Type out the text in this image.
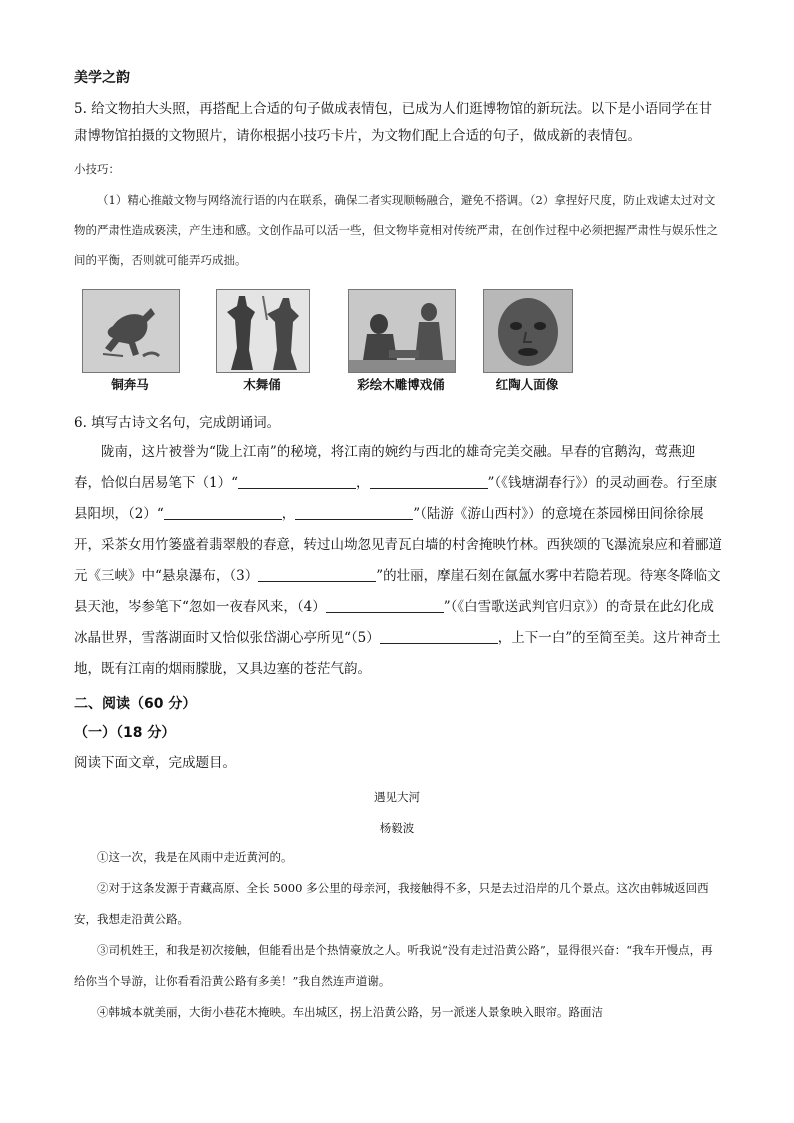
美学之韵

5. 给文物拍大头照，再搭配上合适的句子做成表情包，已成为人们逛博物馆的新玩法。以下是小语同学在甘肃博物馆拍摄的文物照片，请你根据小技巧卡片，为文物们配上合适的句子，做成新的表情包。

小技巧：

（1）精心推敲文物与网络流行语的内在联系，确保二者实现顺畅融合，避免不搭调。（2）拿捏好尺度，防止戏谑太过对文物的严肃性造成亵渎，产生违和感。文创作品可以活一些，但文物毕竟相对传统严肃，在创作过程中必须把握严肃性与娱乐性之间的平衡，否则就可能弄巧成拙。

铜奔马	木舞俑	彩绘木雕博戏俑	红陶人面像
6. 填写古诗文名句，完成朗诵词。

陇南，这片被誉为“陇上江南”的秘境，将江南的婉约与西北的雄奇完美交融。早春的官鹅沟，莺燕迎春，恰似白居易笔下（1）“	，	”（《钱塘湖春行》）的灵动画卷。行至康县阳坝，（2）“	，	”（陆游《游山西村》）的意境在茶园梯田间徐徐展开，采茶女用竹篓盛着翡翠般的春意，转过山坳忽见青瓦白墙的村舍掩映竹林。西狭颂的飞瀑流泉应和着郦道元《三峡》中“悬泉瀑布，（3）	”的壮丽，摩崖石刻在氤氲水雾中若隐若现。待寒冬降临文县天池，岑参笔下“忽如一夜春风来，（4）	”（《白雪歌送武判官归京》）的奇景在此幻化成冰晶世界，雪落湖面时又恰似张岱湖心亭所见“（5）	，上下一白”的至简至美。这片神奇土地，既有江南的烟雨朦胧，又具边塞的苍茫气韵。

二、阅读（60 分）
（一）（18 分）
阅读下面文章，完成题目。
遇见大河
杨毅波

①这一次，我是在风雨中走近黄河的。

②对于这条发源于青藏高原、全长 5000 多公里的母亲河，我接触得不多，只是去过沿岸的几个景点。这次由韩城返回西安，我想走沿黄公路。

③司机姓王，和我是初次接触，但能看出是个热情豪放之人。听我说“没有走过沿黄公路”，显得很兴奋：“我车开慢点，再给你当个导游，让你看看沿黄公路有多美！”我自然连声道谢。

④韩城本就美丽，大街小巷花木掩映。车出城区，拐上沿黄公路，另一派迷人景象映入眼帘。路面洁
